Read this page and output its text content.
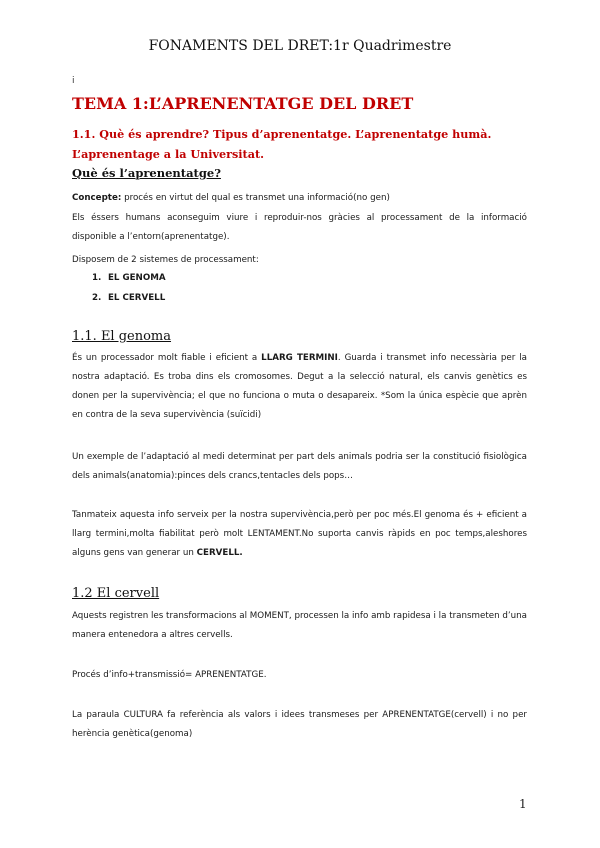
FONAMENTS DEL DRET:1r Quadrimestre
i
TEMA 1:L’APRENENTATGE DEL DRET
1.1. Què és aprendre? Tipus d’aprenentatge. L’aprenentatge humà. L’aprenentage a la Universitat.
Què és l’aprenentatge?
Concepte: procés en virtut del qual es transmet una informació(no gen)
Els éssers humans aconseguim viure i reproduir-nos gràcies al processament de la informació disponible a l’entorn(aprenentatge).
Disposem de 2 sistemes de processament:
1. EL GENOMA
2. EL CERVELL
1.1. El genoma
És un processador molt fiable i eficient a LLARG TERMINI. Guarda i transmet info necessària per la nostra adaptació. Es troba dins els cromosomes. Degut a la selecció natural, els canvis genètics es donen per la supervivència; el que no funciona o muta o desapareix. *Som la única espècie que aprèn en contra de la seva supervivència (suïcidi)
Un exemple de l’adaptació al medi determinat per part dels animals podria ser la constitució fisiològica dels animals(anatomia):pinces dels crancs,tentacles dels pops…
Tanmateix aquesta info serveix per la nostra supervivència,però per poc més.El genoma és + eficient a llarg termini,molta fiabilitat però molt LENTAMENT.No suporta canvis ràpids en poc temps,aleshores alguns gens van generar un CERVELL.
1.2 El cervell
Aquests registren les transformacions al MOMENT, processen la info amb rapidesa i la transmeten d’una manera entenedora a altres cervells.
Procés d’info+transmissió= APRENENTATGE.
La paraula CULTURA fa referència als valors i idees transmeses per APRENENTATGE(cervell) i no per herència genètica(genoma)
1
